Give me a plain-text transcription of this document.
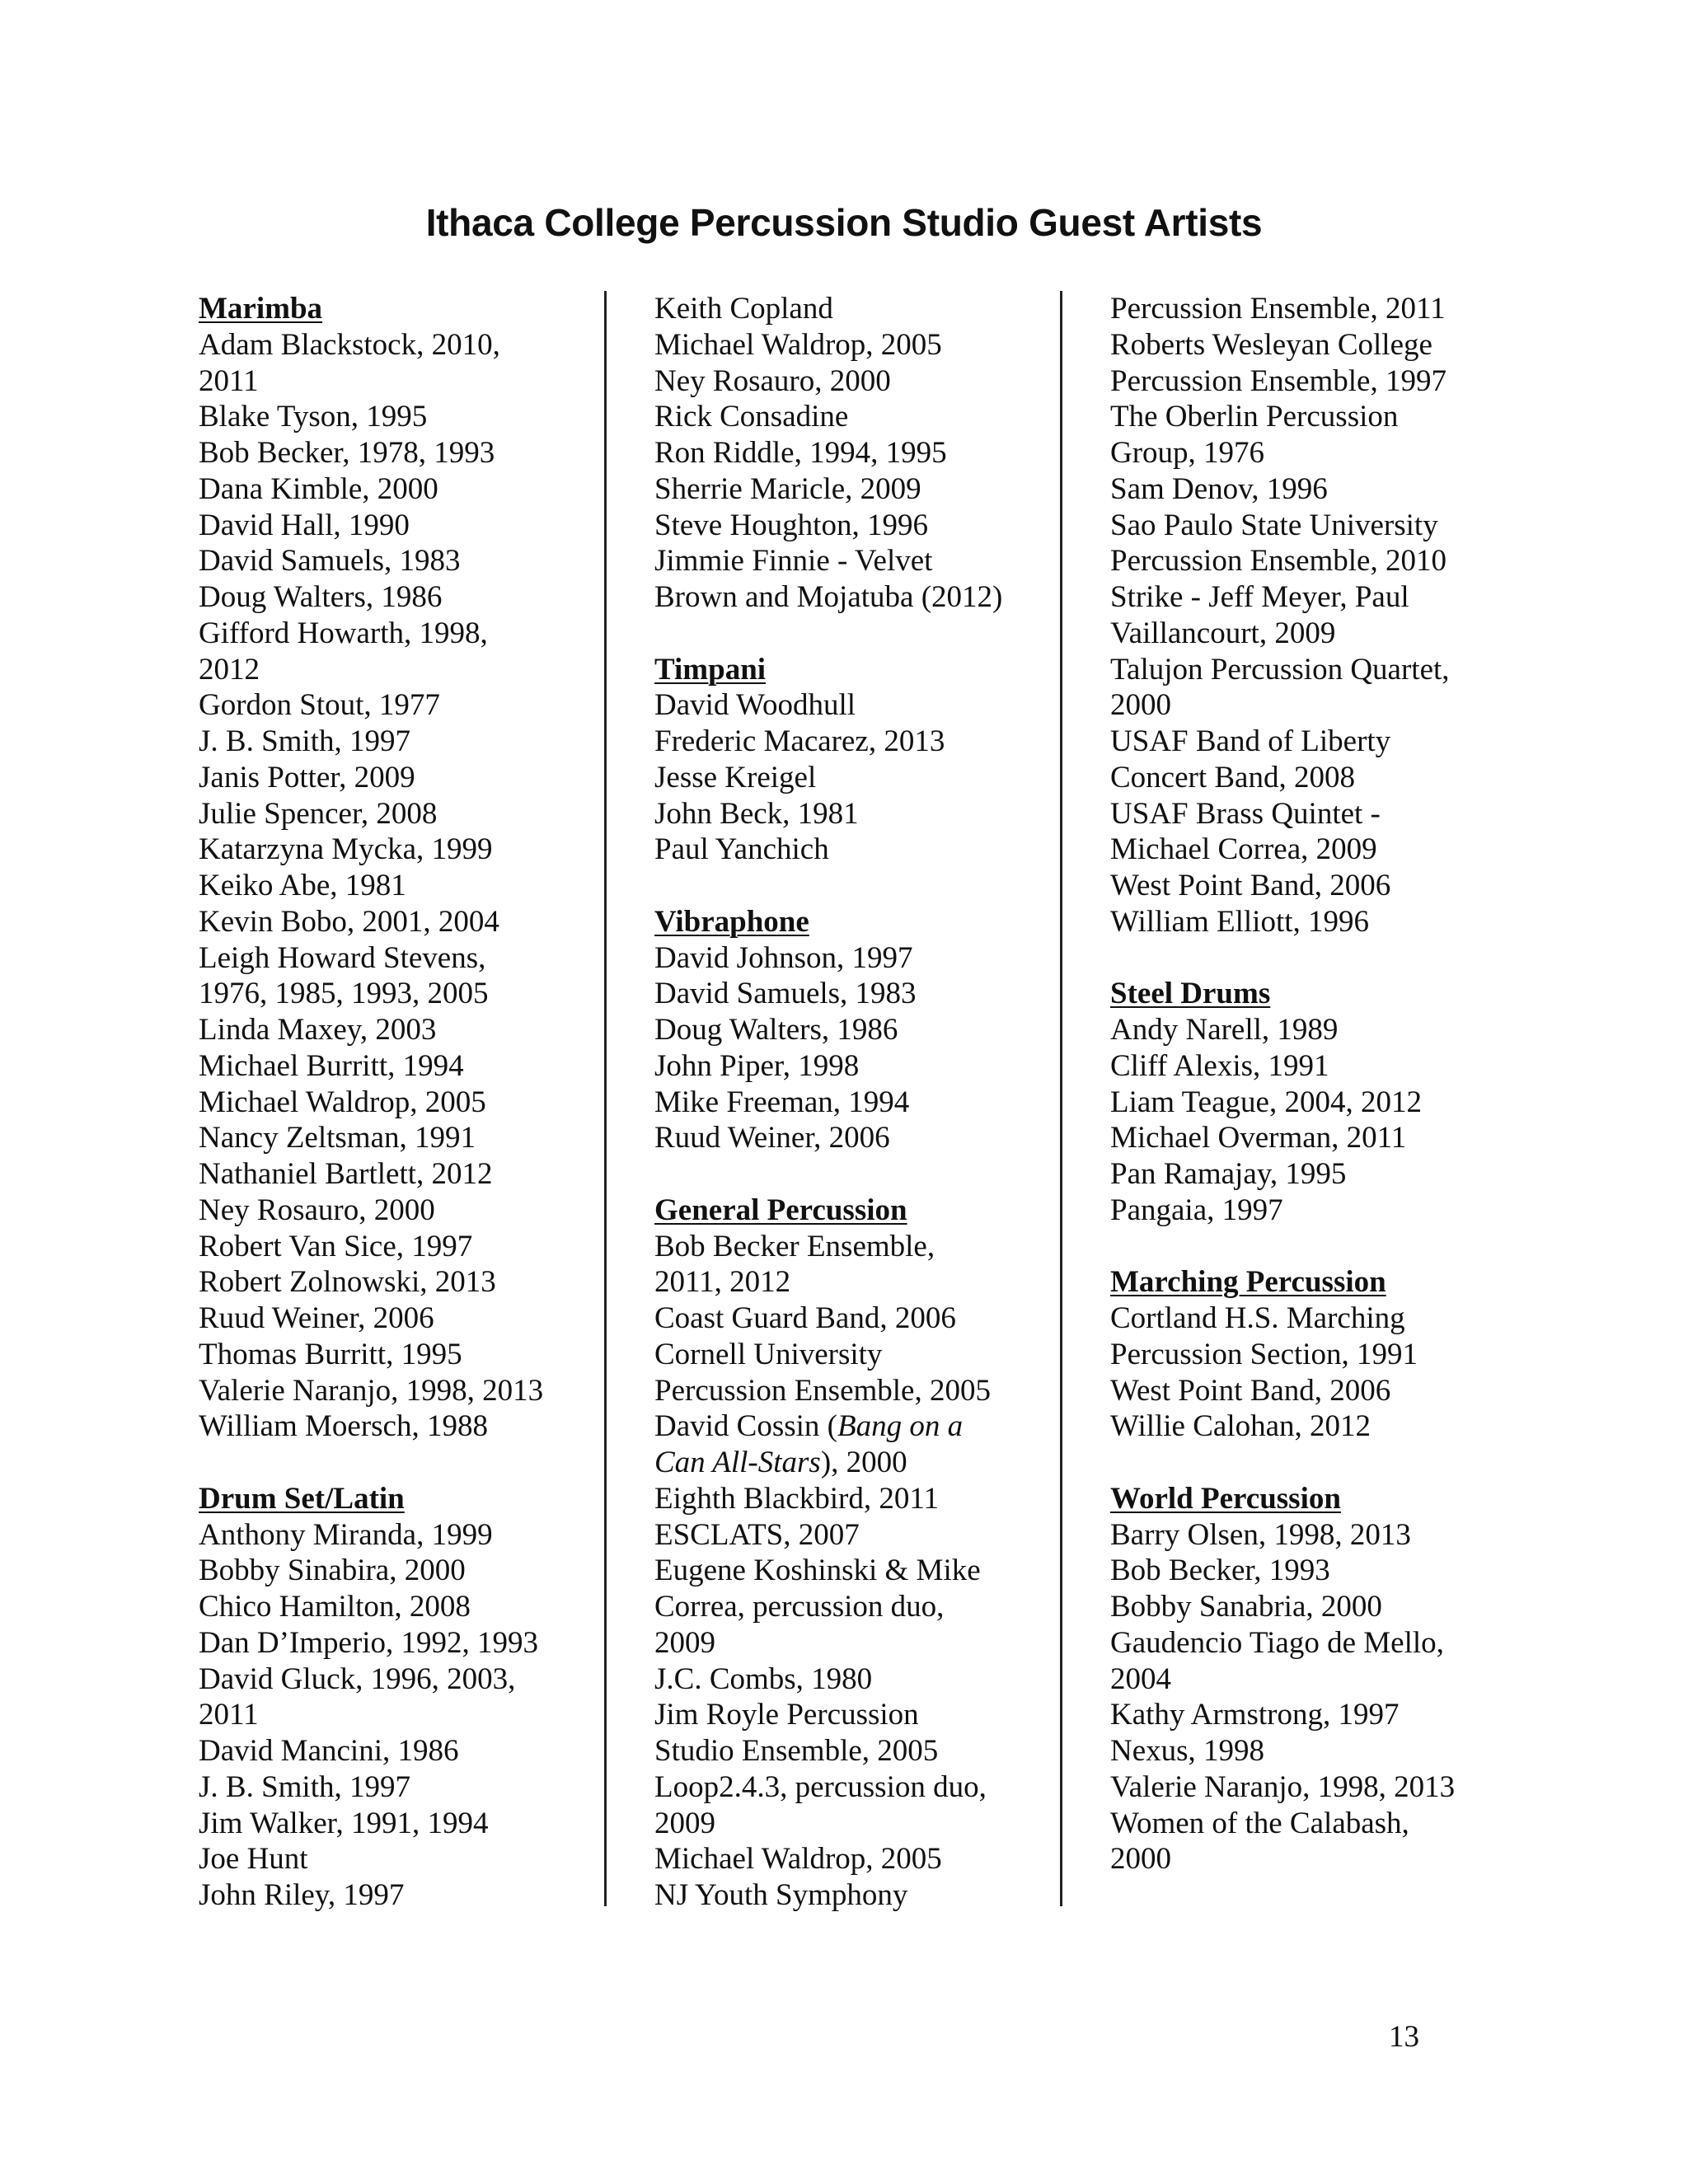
Ithaca College Percussion Studio Guest Artists
Marimba
Adam Blackstock, 2010,
2011
Blake Tyson, 1995
Bob Becker, 1978, 1993
Dana Kimble, 2000
David Hall, 1990
David Samuels, 1983
Doug Walters, 1986
Gifford Howarth, 1998,
2012
Gordon Stout, 1977
J. B. Smith, 1997
Janis Potter, 2009
Julie Spencer, 2008
Katarzyna Mycka, 1999
Keiko Abe, 1981
Kevin Bobo, 2001, 2004
Leigh Howard Stevens,
1976, 1985, 1993, 2005
Linda Maxey, 2003
Michael Burritt, 1994
Michael Waldrop, 2005
Nancy Zeltsman, 1991
Nathaniel Bartlett, 2012
Ney Rosauro, 2000
Robert Van Sice, 1997
Robert Zolnowski, 2013
Ruud Weiner, 2006
Thomas Burritt, 1995
Valerie Naranjo, 1998, 2013
William Moersch, 1988
Drum Set/Latin
Anthony Miranda, 1999
Bobby Sinabira, 2000
Chico Hamilton, 2008
Dan D’Imperio, 1992, 1993
David Gluck, 1996, 2003,
2011
David Mancini, 1986
J. B. Smith, 1997
Jim Walker, 1991, 1994
Joe Hunt
John Riley, 1997
Keith Copland
Michael Waldrop, 2005
Ney Rosauro, 2000
Rick Consadine
Ron Riddle, 1994, 1995
Sherrie Maricle, 2009
Steve Houghton, 1996
Jimmie Finnie - Velvet
Brown and Mojatuba (2012)
Timpani
David Woodhull
Frederic Macarez, 2013
Jesse Kreigel
John Beck, 1981
Paul Yanchich
Vibraphone
David Johnson, 1997
David Samuels, 1983
Doug Walters, 1986
John Piper, 1998
Mike Freeman, 1994
Ruud Weiner, 2006
General Percussion
Bob Becker Ensemble,
2011, 2012
Coast Guard Band, 2006
Cornell University
Percussion Ensemble, 2005
David Cossin (Bang on a
Can All-Stars), 2000
Eighth Blackbird, 2011
ESCLATS, 2007
Eugene Koshinski & Mike
Correa, percussion duo,
2009
J.C. Combs, 1980
Jim Royle Percussion
Studio Ensemble, 2005
Loop2.4.3, percussion duo,
2009
Michael Waldrop, 2005
NJ Youth Symphony
Percussion Ensemble, 2011
Roberts Wesleyan College
Percussion Ensemble, 1997
The Oberlin Percussion
Group, 1976
Sam Denov, 1996
Sao Paulo State University
Percussion Ensemble, 2010
Strike - Jeff Meyer, Paul
Vaillancourt, 2009
Talujon Percussion Quartet,
2000
USAF Band of Liberty
Concert Band, 2008
USAF Brass Quintet -
Michael Correa, 2009
West Point Band, 2006
William Elliott, 1996
Steel Drums
Andy Narell, 1989
Cliff Alexis, 1991
Liam Teague, 2004, 2012
Michael Overman, 2011
Pan Ramajay, 1995
Pangaia, 1997
Marching Percussion
Cortland H.S. Marching
Percussion Section, 1991
West Point Band, 2006
Willie Calohan, 2012
World Percussion
Barry Olsen, 1998, 2013
Bob Becker, 1993
Bobby Sanabria, 2000
Gaudencio Tiago de Mello,
2004
Kathy Armstrong, 1997
Nexus, 1998
Valerie Naranjo, 1998, 2013
Women of the Calabash,
2000
13
